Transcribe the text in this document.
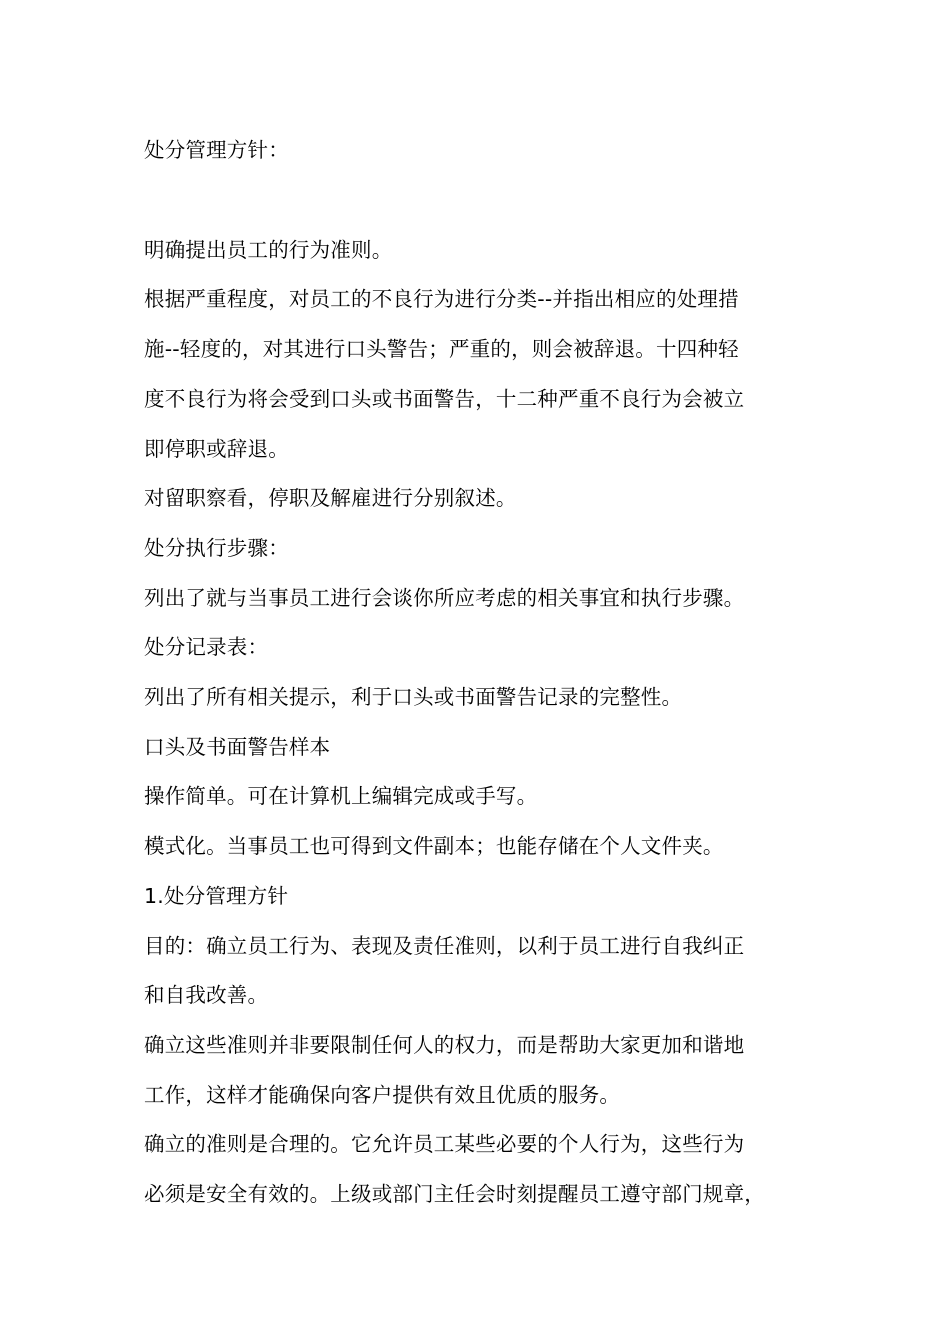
处分管理方针：

明确提出员工的行为准则。

根据严重程度，对员工的不良行为进行分类--并指出相应的处理措

施--轻度的，对其进行口头警告；严重的，则会被辞退。十四种轻

度不良行为将会受到口头或书面警告，十二种严重不良行为会被立

即停职或辞退。

对留职察看，停职及解雇进行分别叙述。

处分执行步骤：

列出了就与当事员工进行会谈你所应考虑的相关事宜和执行步骤。

处分记录表：

列出了所有相关提示，利于口头或书面警告记录的完整性。

口头及书面警告样本

操作简单。可在计算机上编辑完成或手写。

模式化。当事员工也可得到文件副本；也能存储在个人文件夹。

1.处分管理方针

目的：确立员工行为、表现及责任准则，以利于员工进行自我纠正

和自我改善。

确立这些准则并非要限制任何人的权力，而是帮助大家更加和谐地

工作，这样才能确保向客户提供有效且优质的服务。

确立的准则是合理的。它允许员工某些必要的个人行为，这些行为

必须是安全有效的。上级或部门主任会时刻提醒员工遵守部门规章，
